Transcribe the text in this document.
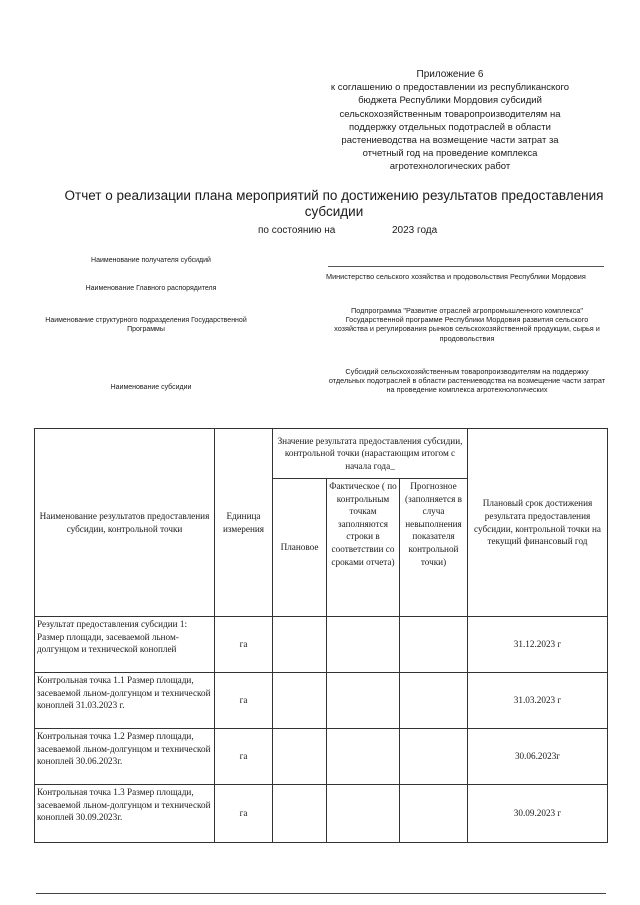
Приложение 6
к соглашению о предоставлении из республиканского
бюджета Республики Мордовия субсидий
сельскохозяйственным товаропроизводителям на
поддержку отдельных подотраслей в области
растениеводства на возмещение части затрат за
отчетный год на проведение комплекса
агротехнологических работ
Отчет о реализации плана мероприятий по достижению результатов предоставления
субсидии
по состоянию на	2023 года
Наименование получателя субсидий
Наименование Главного распорядителя
Министерство сельского хозяйства и продовольствия Республики Мордовия
Наименование структурного подразделения Государственной Программы
Подпрограмма "Развитие отраслей агропромышленного комплекса" Государственной программе Республики Мордовия развития сельского хозяйства и регулирования рынков сельскохозяйственной продукции, сырья и продовольствия
Наименование субсидии
Субсидий сельскохозяйственным товаропроизводителям на поддержку отдельных подотраслей в области растениеводства на возмещение части затрат на проведение комплекса агротехнологических
Наименование результатов предоставления субсидии, контрольной точки	Единица измерения	Значение результата предоставления субсидии, контрольной точки (нарастающим итогом с начала года_			Плановый срок достижения результата предоставления субсидии, контрольной точки на текущий финансовый год
		Плановое	Фактическое ( по контрольным точкам заполняются строки в соответствии со сроками отчета)	Прогнозное (заполняется в случа невыполнения показателя контрольной точки)	
Результат предоставления субсидии 1: Размер площади, засеваемой льном-долгунцом и технической коноплей	га				31.12.2023 г
Контрольная точка 1.1 Размер площади, засеваемой льном-долгунцом и технической коноплей 31.03.2023 г.	га				31.03.2023 г
Контрольная точка 1.2 Размер площади, засеваемой льном-долгунцом и технической коноплей 30.06.2023г.	га				30.06.2023г
Контрольная точка 1.3 Размер площади, засеваемой льном-долгунцом и технической коноплей 30.09.2023г.	га				30.09.2023 г
